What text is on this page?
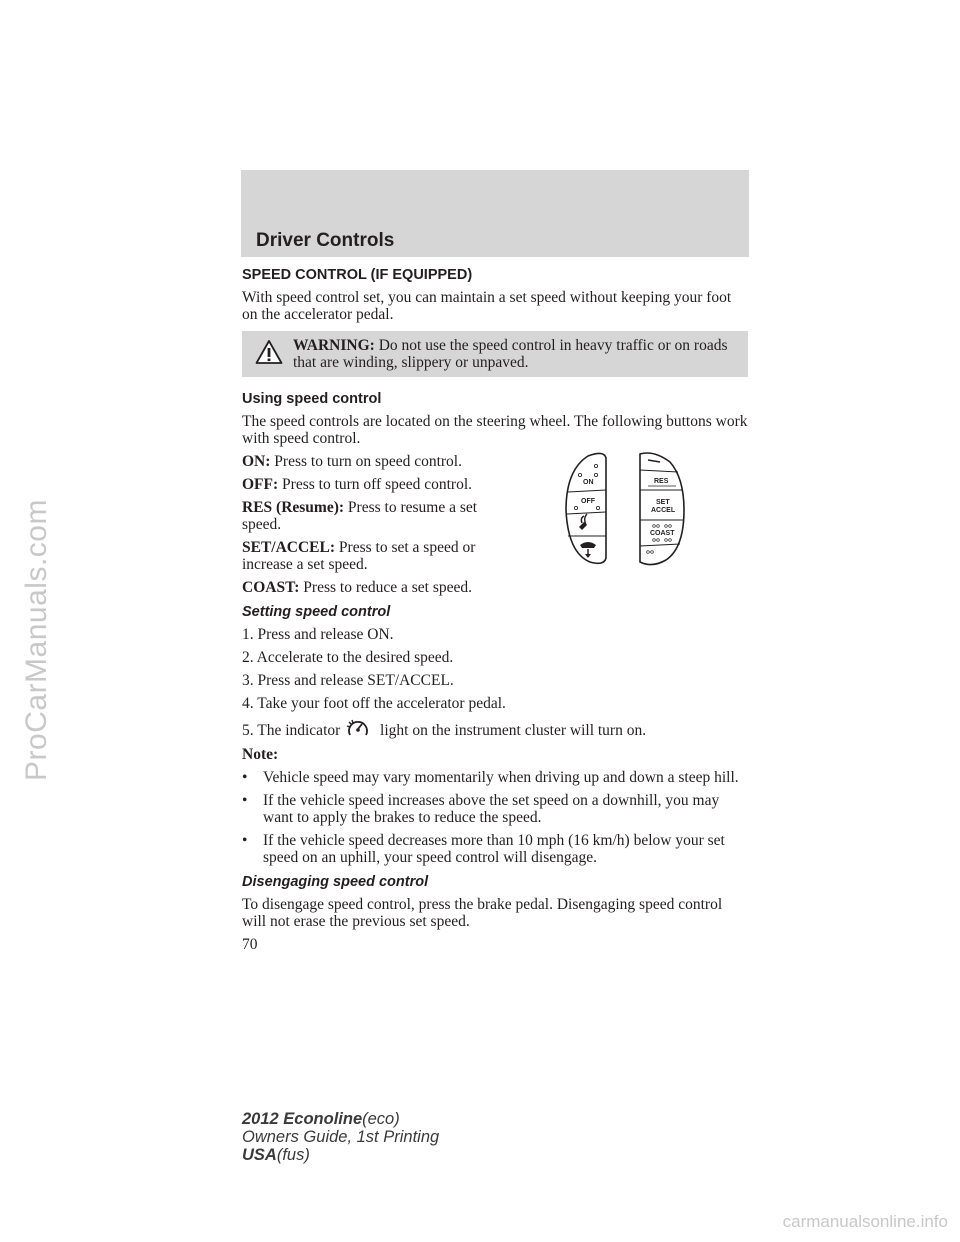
ProCarManuals.com
Driver Controls
SPEED CONTROL (IF EQUIPPED)

With speed control set, you can maintain a set speed without keeping your foot on the accelerator pedal.

WARNING: Do not use the speed control in heavy traffic or on roads that are winding, slippery or unpaved.
Using speed control

The speed controls are located on the steering wheel. The following buttons work with speed control.

ON: Press to turn on speed control.

OFF: Press to turn off speed control.

RES (Resume): Press to resume a set speed.

SET/ACCEL: Press to set a speed or increase a set speed.

COAST: Press to reduce a set speed.

ON
OFF
RES
SET
ACCEL
COAST
Setting speed control

1. Press and release ON.

2. Accelerate to the desired speed.

3. Press and release SET/ACCEL.

4. Take your foot off the accelerator pedal.

5. The indicator	light on the instrument cluster will turn on.

Note:

• Vehicle speed may vary momentarily when driving up and down a steep hill.

• If the vehicle speed increases above the set speed on a downhill, you may want to apply the brakes to reduce the speed.

• If the vehicle speed decreases more than 10 mph (16 km/h) below your set speed on an uphill, your speed control will disengage.

Disengaging speed control

To disengage speed control, press the brake pedal. Disengaging speed control will not erase the previous set speed.

70

2012 Econoline(eco)
Owners Guide, 1st Printing
USA(fus)
carmanualsonline.info
